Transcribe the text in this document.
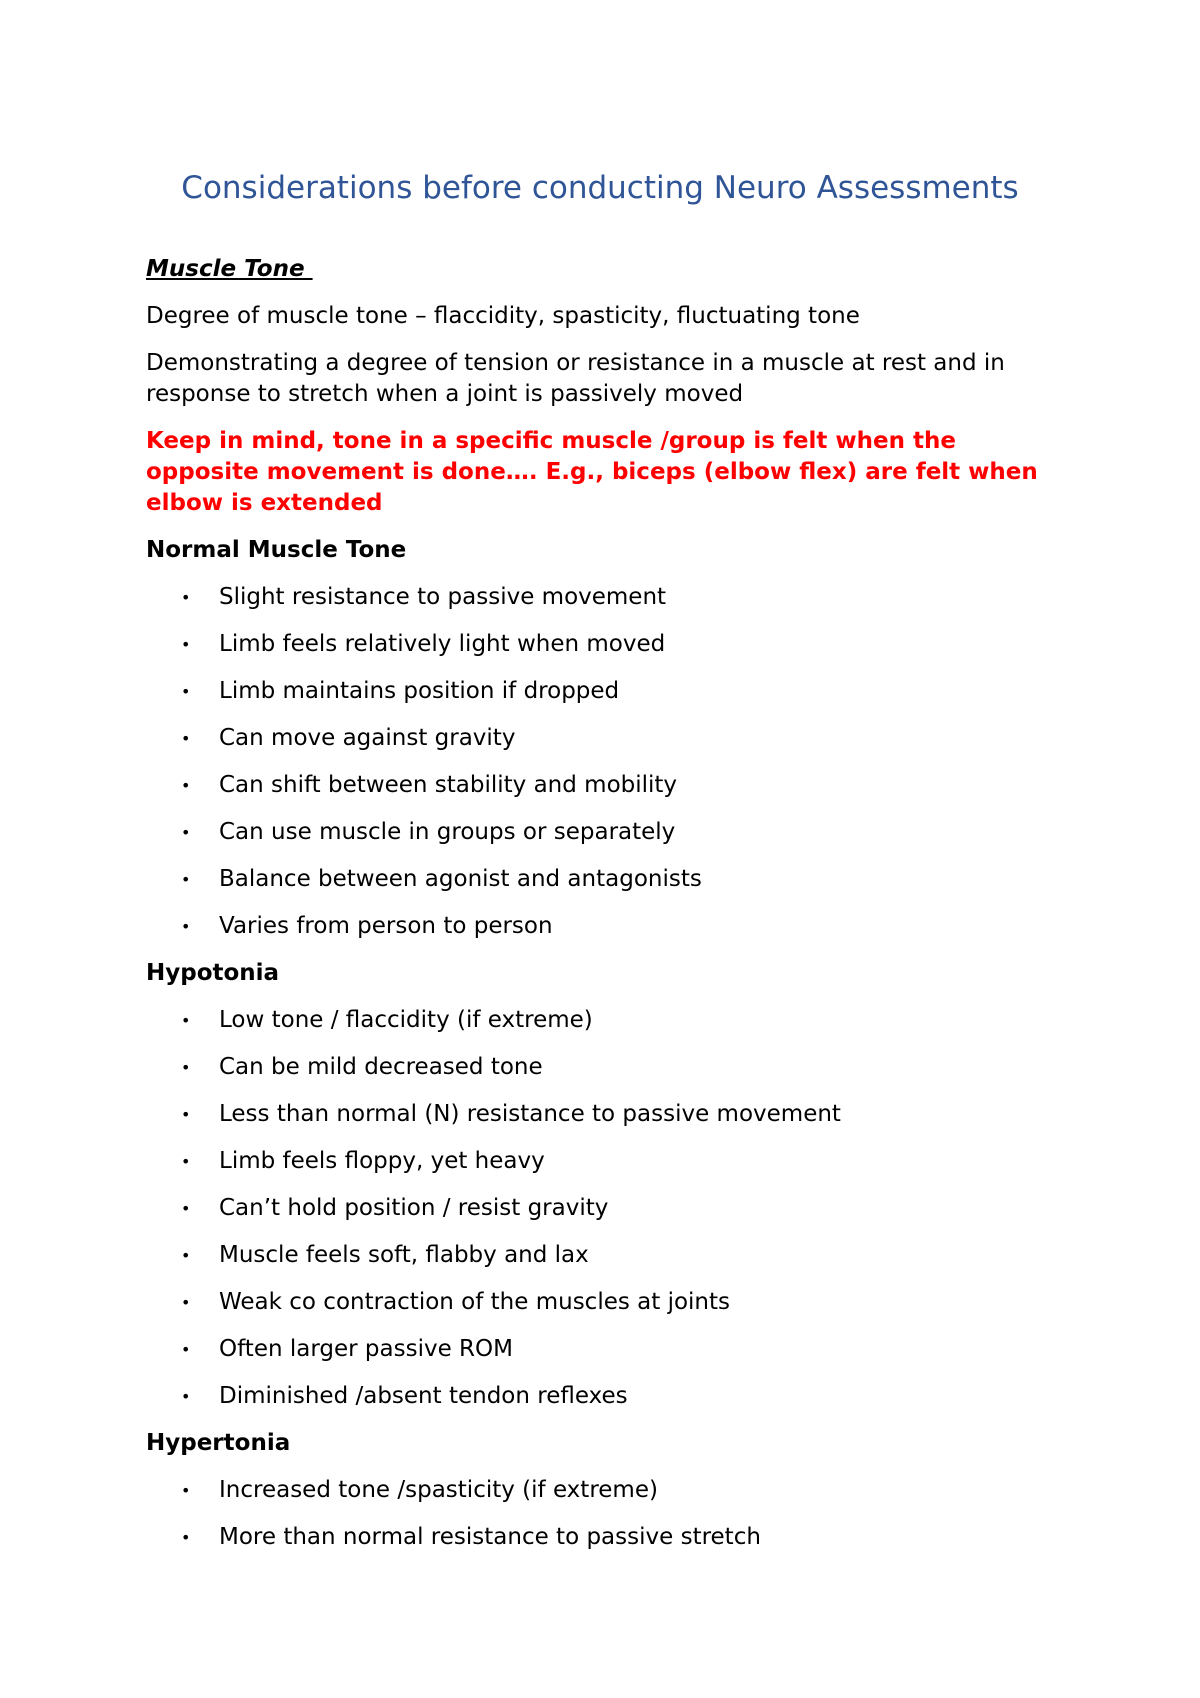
Considerations before conducting Neuro Assessments
Muscle Tone
Degree of muscle tone – flaccidity, spasticity, fluctuating tone
Demonstrating a degree of tension or resistance in a muscle at rest and in response to stretch when a joint is passively moved
Keep in mind, tone in a specific muscle /group is felt when the opposite movement is done…. E.g., biceps (elbow flex) are felt when elbow is extended
Normal Muscle Tone
• Slight resistance to passive movement
• Limb feels relatively light when moved
• Limb maintains position if dropped
• Can move against gravity
• Can shift between stability and mobility
• Can use muscle in groups or separately
• Balance between agonist and antagonists
• Varies from person to person
Hypotonia
• Low tone / flaccidity (if extreme)
• Can be mild decreased tone
• Less than normal (N) resistance to passive movement
• Limb feels floppy, yet heavy
• Can’t hold position / resist gravity
• Muscle feels soft, flabby and lax
• Weak co contraction of the muscles at joints
• Often larger passive ROM
• Diminished /absent tendon reflexes
Hypertonia
• Increased tone /spasticity (if extreme)
• More than normal resistance to passive stretch
